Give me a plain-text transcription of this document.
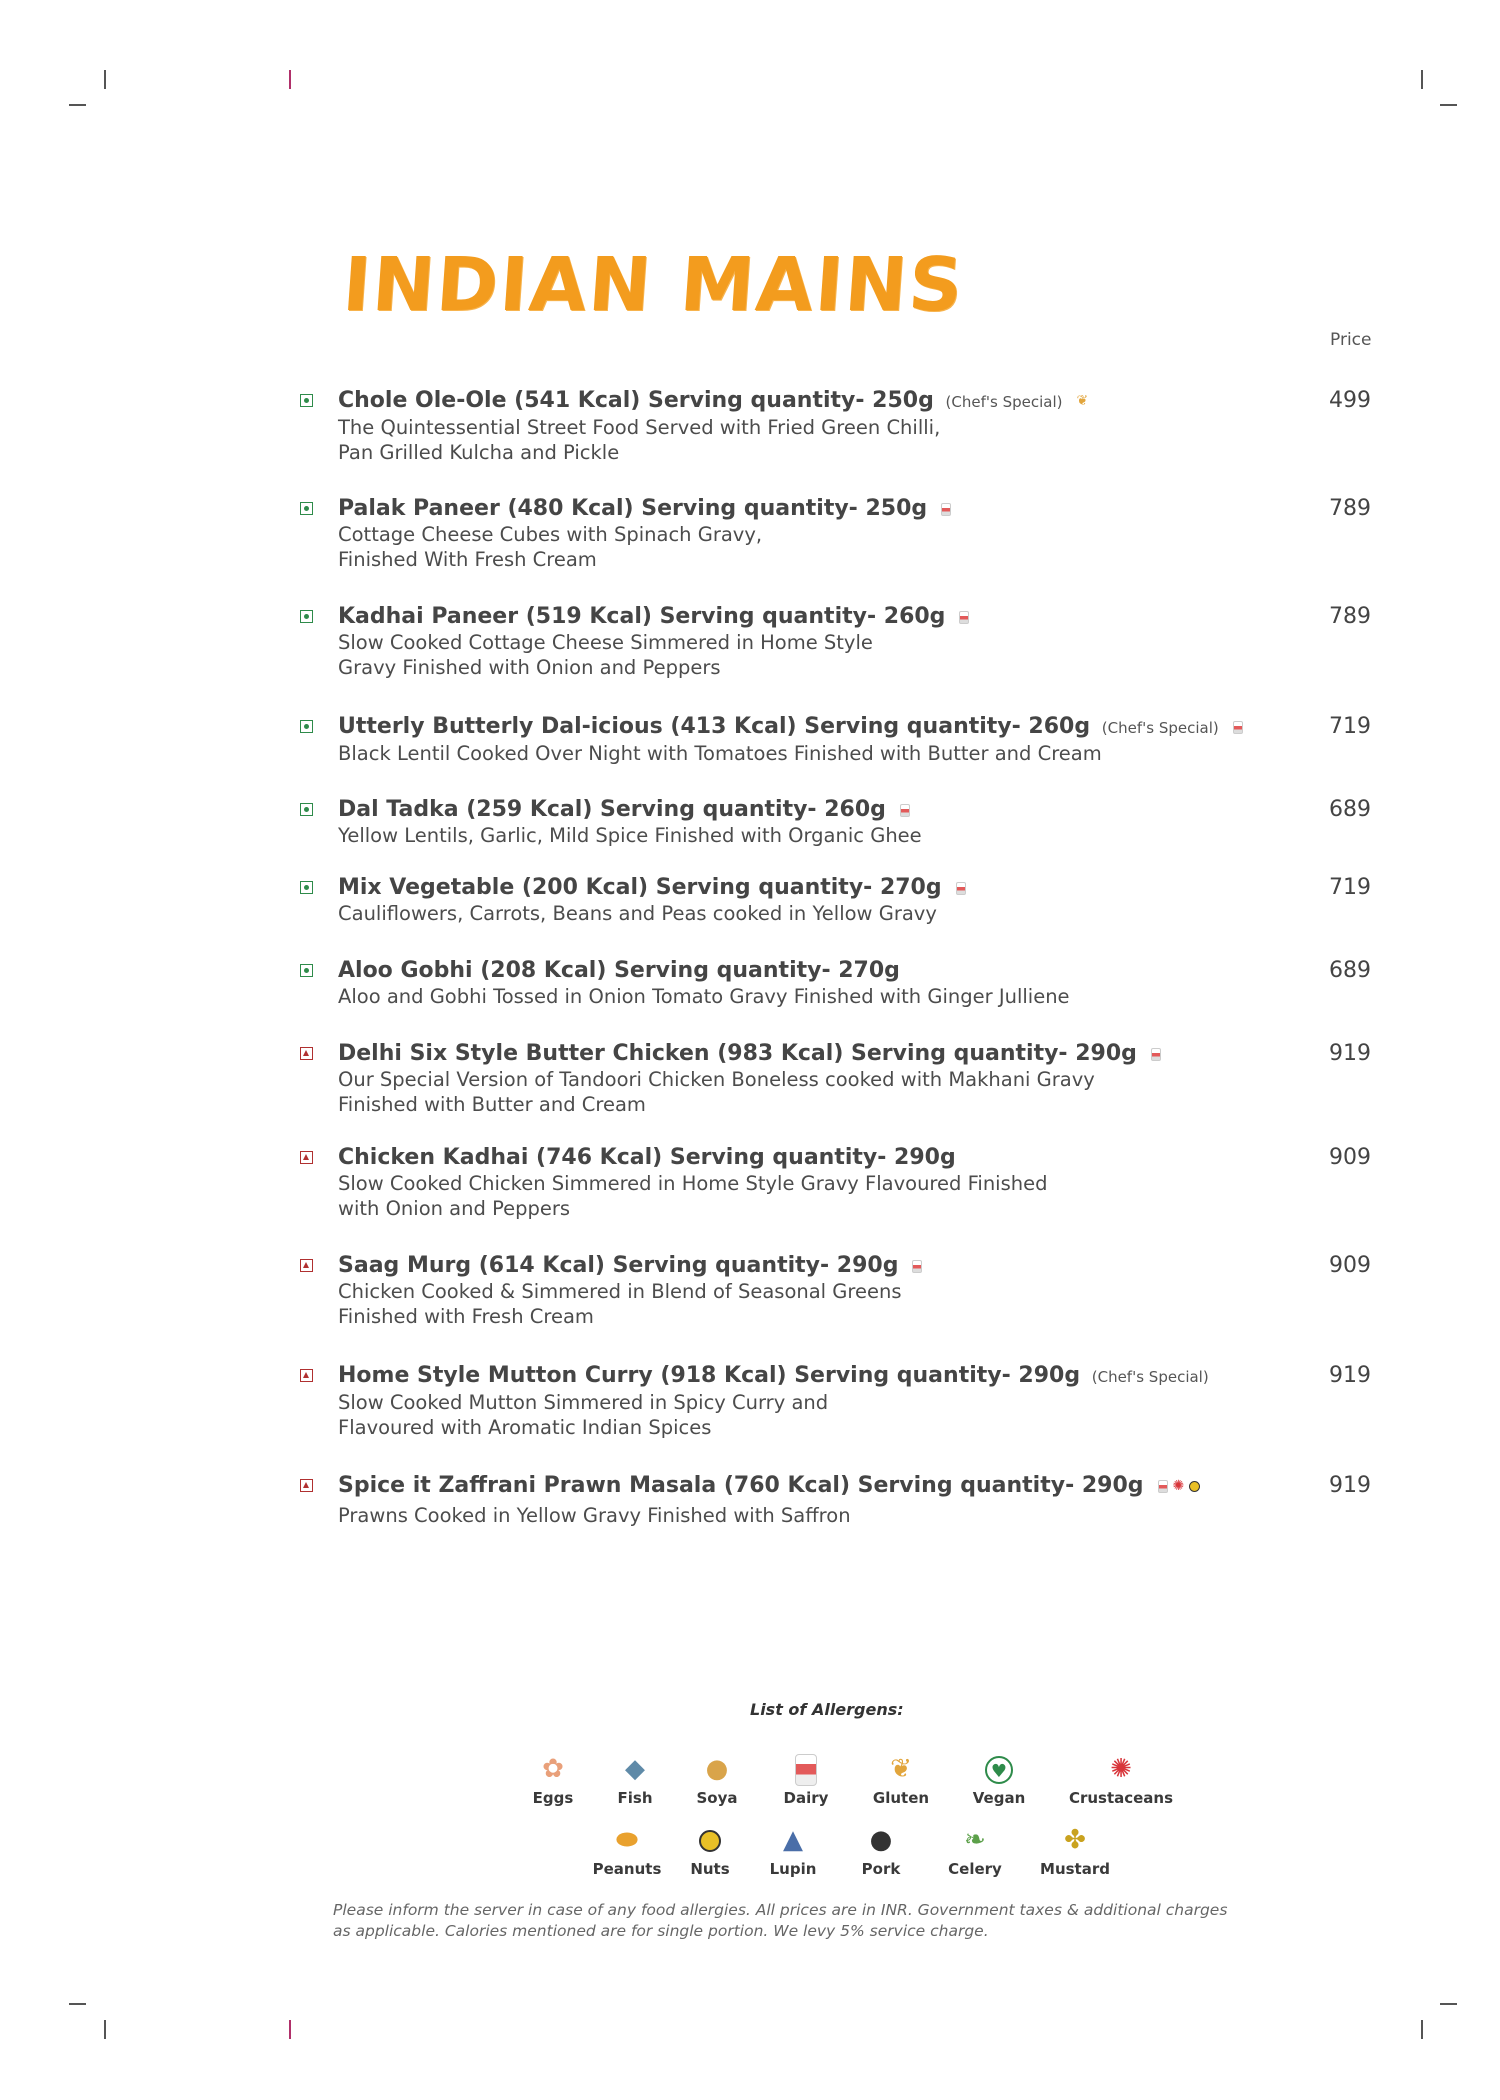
INDIAN MAINS
Price
Chole Ole-Ole (541 Kcal) Serving quantity- 250g (Chef's Special) ❦
The Quintessential Street Food Served with Fried Green Chilli,
Pan Grilled Kulcha and Pickle
499
Palak Paneer (480 Kcal) Serving quantity- 250g
Cottage Cheese Cubes with Spinach Gravy,
Finished With Fresh Cream
789
Kadhai Paneer (519 Kcal) Serving quantity- 260g
Slow Cooked Cottage Cheese Simmered in Home Style
Gravy Finished with Onion and Peppers
789
Utterly Butterly Dal-icious (413 Kcal) Serving quantity- 260g (Chef's Special)
Black Lentil Cooked Over Night with Tomatoes Finished with Butter and Cream
719
Dal Tadka (259 Kcal) Serving quantity- 260g
Yellow Lentils, Garlic, Mild Spice Finished with Organic Ghee
689
Mix Vegetable (200 Kcal) Serving quantity- 270g
Cauliflowers, Carrots, Beans and Peas cooked in Yellow Gravy
719
Aloo Gobhi (208 Kcal) Serving quantity- 270g
Aloo and Gobhi Tossed in Onion Tomato Gravy Finished with Ginger Julliene
689
Delhi Six Style Butter Chicken (983 Kcal) Serving quantity- 290g
Our Special Version of Tandoori Chicken Boneless cooked with Makhani Gravy
Finished with Butter and Cream
919
Chicken Kadhai (746 Kcal) Serving quantity- 290g
Slow Cooked Chicken Simmered in Home Style Gravy Flavoured Finished
with Onion and Peppers
909
Saag Murg (614 Kcal) Serving quantity- 290g
Chicken Cooked & Simmered in Blend of Seasonal Greens
Finished with Fresh Cream
909
Home Style Mutton Curry (918 Kcal) Serving quantity- 290g (Chef's Special)
Slow Cooked Mutton Simmered in Spicy Curry and
Flavoured with Aromatic Indian Spices
919
Spice it Zaffrani Prawn Masala (760 Kcal) Serving quantity- 290g ✺
Prawns Cooked in Yellow Gravy Finished with Saffron
919
List of Allergens:
✿
Eggs
◆
Fish
●
Soya	Dairy
❦
Gluten
♥
Vegan
✺
Crustaceans
⬬
Peanuts	Nuts
▲
Lupin
●
Pork
❧
Celery
✤
Mustard
Please inform the server in case of any food allergies. All prices are in INR. Government taxes & additional charges
as applicable. Calories mentioned are for single portion. We levy 5% service charge.
